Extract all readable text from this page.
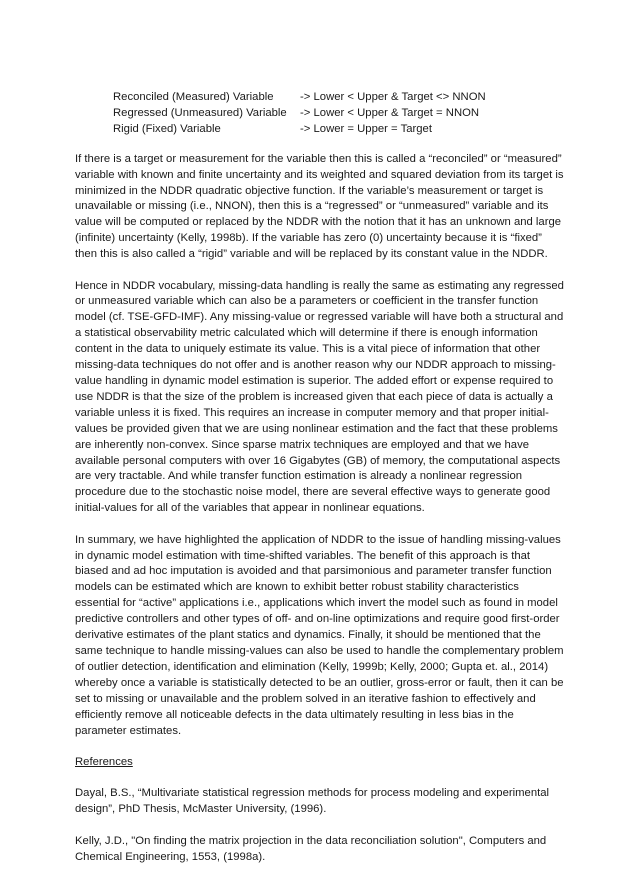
Reconciled (Measured) Variable	-> Lower < Upper & Target <> NNON
Regressed (Unmeasured) Variable	-> Lower < Upper & Target = NNON
Rigid (Fixed) Variable	-> Lower = Upper = Target

If there is a target or measurement for the variable then this is called a “reconciled” or “measured” variable with known and finite uncertainty and its weighted and squared deviation from its target is minimized in the NDDR quadratic objective function. If the variable’s measurement or target is unavailable or missing (i.e., NNON), then this is a “regressed” or “unmeasured” variable and its value will be computed or replaced by the NDDR with the notion that it has an unknown and large (infinite) uncertainty (Kelly, 1998b). If the variable has zero (0) uncertainty because it is “fixed” then this is also called a “rigid” variable and will be replaced by its constant value in the NDDR.

Hence in NDDR vocabulary, missing-data handling is really the same as estimating any regressed or unmeasured variable which can also be a parameters or coefficient in the transfer function model (cf. TSE-GFD-IMF). Any missing-value or regressed variable will have both a structural and a statistical observability metric calculated which will determine if there is enough information content in the data to uniquely estimate its value. This is a vital piece of information that other missing-data techniques do not offer and is another reason why our NDDR approach to missing-value handling in dynamic model estimation is superior. The added effort or expense required to use NDDR is that the size of the problem is increased given that each piece of data is actually a variable unless it is fixed. This requires an increase in computer memory and that proper initial-values be provided given that we are using nonlinear estimation and the fact that these problems are inherently non-convex. Since sparse matrix techniques are employed and that we have available personal computers with over 16 Gigabytes (GB) of memory, the computational aspects are very tractable. And while transfer function estimation is already a nonlinear regression procedure due to the stochastic noise model, there are several effective ways to generate good initial-values for all of the variables that appear in nonlinear equations.

In summary, we have highlighted the application of NDDR to the issue of handling missing-values in dynamic model estimation with time-shifted variables. The benefit of this approach is that biased and ad hoc imputation is avoided and that parsimonious and parameter transfer function models can be estimated which are known to exhibit better robust stability characteristics essential for “active” applications i.e., applications which invert the model such as found in model predictive controllers and other types of off- and on-line optimizations and require good first-order derivative estimates of the plant statics and dynamics. Finally, it should be mentioned that the same technique to handle missing-values can also be used to handle the complementary problem of outlier detection, identification and elimination (Kelly, 1999b; Kelly, 2000; Gupta et. al., 2014) whereby once a variable is statistically detected to be an outlier, gross-error or fault, then it can be set to missing or unavailable and the problem solved in an iterative fashion to effectively and efficiently remove all noticeable defects in the data ultimately resulting in less bias in the parameter estimates.

References

Dayal, B.S., “Multivariate statistical regression methods for process modeling and experimental design”, PhD Thesis, McMaster University, (1996).

Kelly, J.D., "On finding the matrix projection in the data reconciliation solution", Computers and Chemical Engineering, 1553, (1998a).
